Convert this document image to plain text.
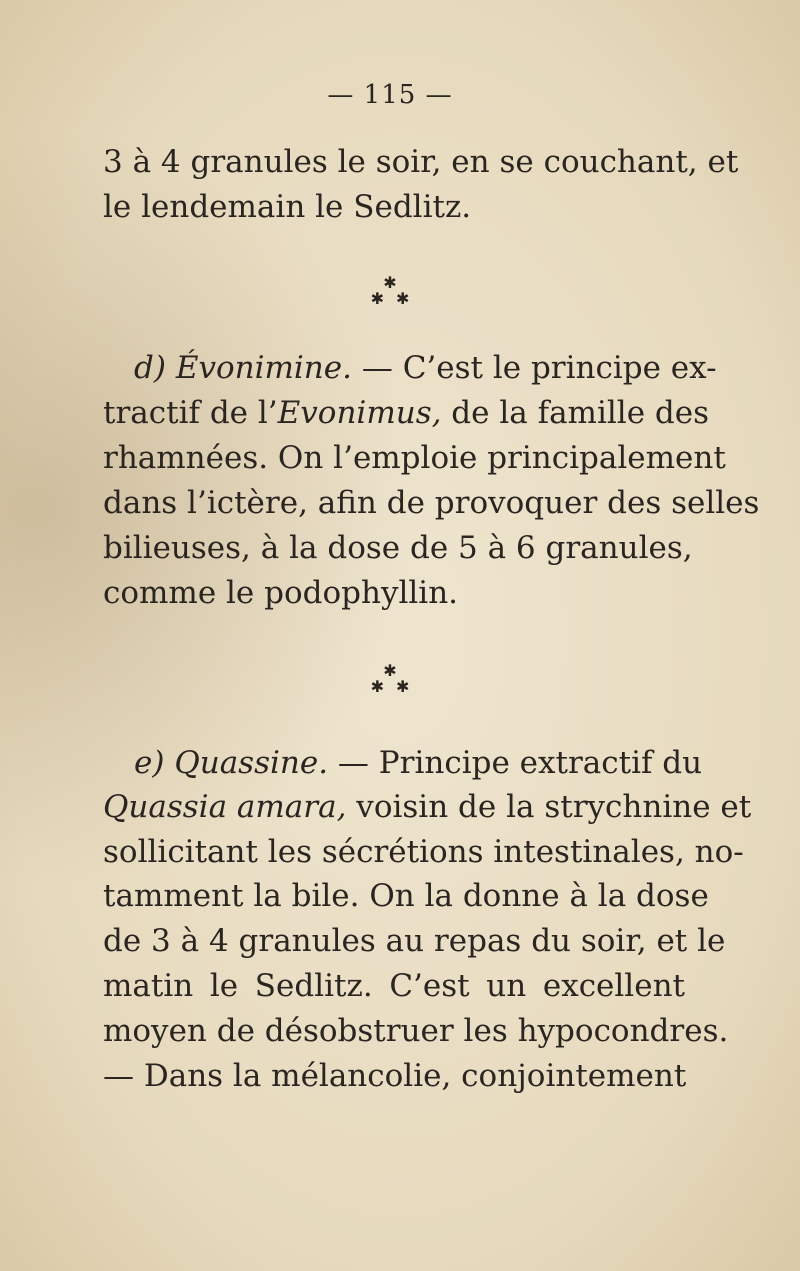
— 115 —
3 à 4 granules le soir, en se couchant, et
le lendemain le Sedlitz.
✱
✱ ✱
d) Évonimine. — C’est le principe ex-
tractif de l’Evonimus, de la famille des
rhamnées. On l’emploie principalement
dans l’ictère, afin de provoquer des selles
bilieuses, à la dose de 5 à 6 granules,
comme le podophyllin.
✱
✱ ✱
e) Quassine. — Principe extractif du
Quassia amara, voisin de la strychnine et
sollicitant les sécrétions intestinales, no-
tamment la bile. On la donne à la dose
de 3 à 4 granules au repas du soir, et le
matin le Sedlitz. C’est un excellent
moyen de désobstruer les hypocondres.
— Dans la mélancolie, conjointement
